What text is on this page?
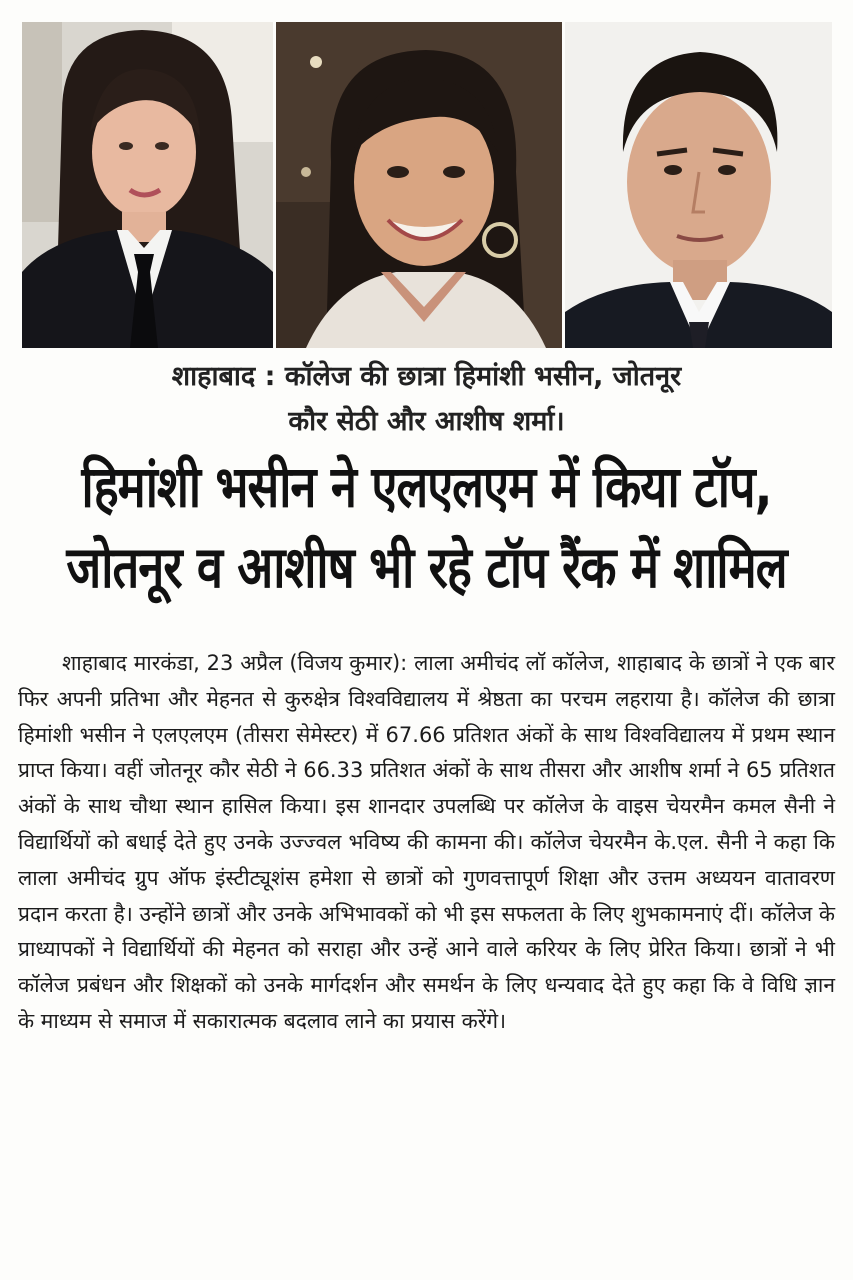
शाहाबाद : कॉलेज की छात्रा हिमांशी भसीन, जोतनूर
कौर सेठी और आशीष शर्मा।
हिमांशी भसीन ने एलएलएम में किया टॉप,
जोतनूर व आशीष भी रहे टॉप रैंक में शामिल
शाहाबाद मारकंडा, 23 अप्रैल (विजय कुमार): लाला अमीचंद लॉ कॉलेज, शाहाबाद के छात्रों ने एक बार फिर अपनी प्रतिभा और मेहनत से कुरुक्षेत्र विश्वविद्यालय में श्रेष्ठता का परचम लहराया है। कॉलेज की छात्रा हिमांशी भसीन ने एलएलएम (तीसरा सेमेस्टर) में 67.66 प्रतिशत अंकों के साथ विश्वविद्यालय में प्रथम स्थान प्राप्त किया। वहीं जोतनूर कौर सेठी ने 66.33 प्रतिशत अंकों के साथ तीसरा और आशीष शर्मा ने 65 प्रतिशत अंकों के साथ चौथा स्थान हासिल किया। इस शानदार उपलब्धि पर कॉलेज के वाइस चेयरमैन कमल सैनी ने विद्यार्थियों को बधाई देते हुए उनके उज्ज्वल भविष्य की कामना की। कॉलेज चेयरमैन के.एल. सैनी ने कहा कि लाला अमीचंद ग्रुप ऑफ इंस्टीट्यूशंस हमेशा से छात्रों को गुणवत्तापूर्ण शिक्षा और उत्तम अध्ययन वातावरण प्रदान करता है। उन्होंने छात्रों और उनके अभिभावकों को भी इस सफलता के लिए शुभकामनाएं दीं। कॉलेज के प्राध्यापकों ने विद्यार्थियों की मेहनत को सराहा और उन्हें आने वाले करियर के लिए प्रेरित किया। छात्रों ने भी कॉलेज प्रबंधन और शिक्षकों को उनके मार्गदर्शन और समर्थन के लिए धन्यवाद देते हुए कहा कि वे विधि ज्ञान के माध्यम से समाज में सकारात्मक बदलाव लाने का प्रयास करेंगे।
